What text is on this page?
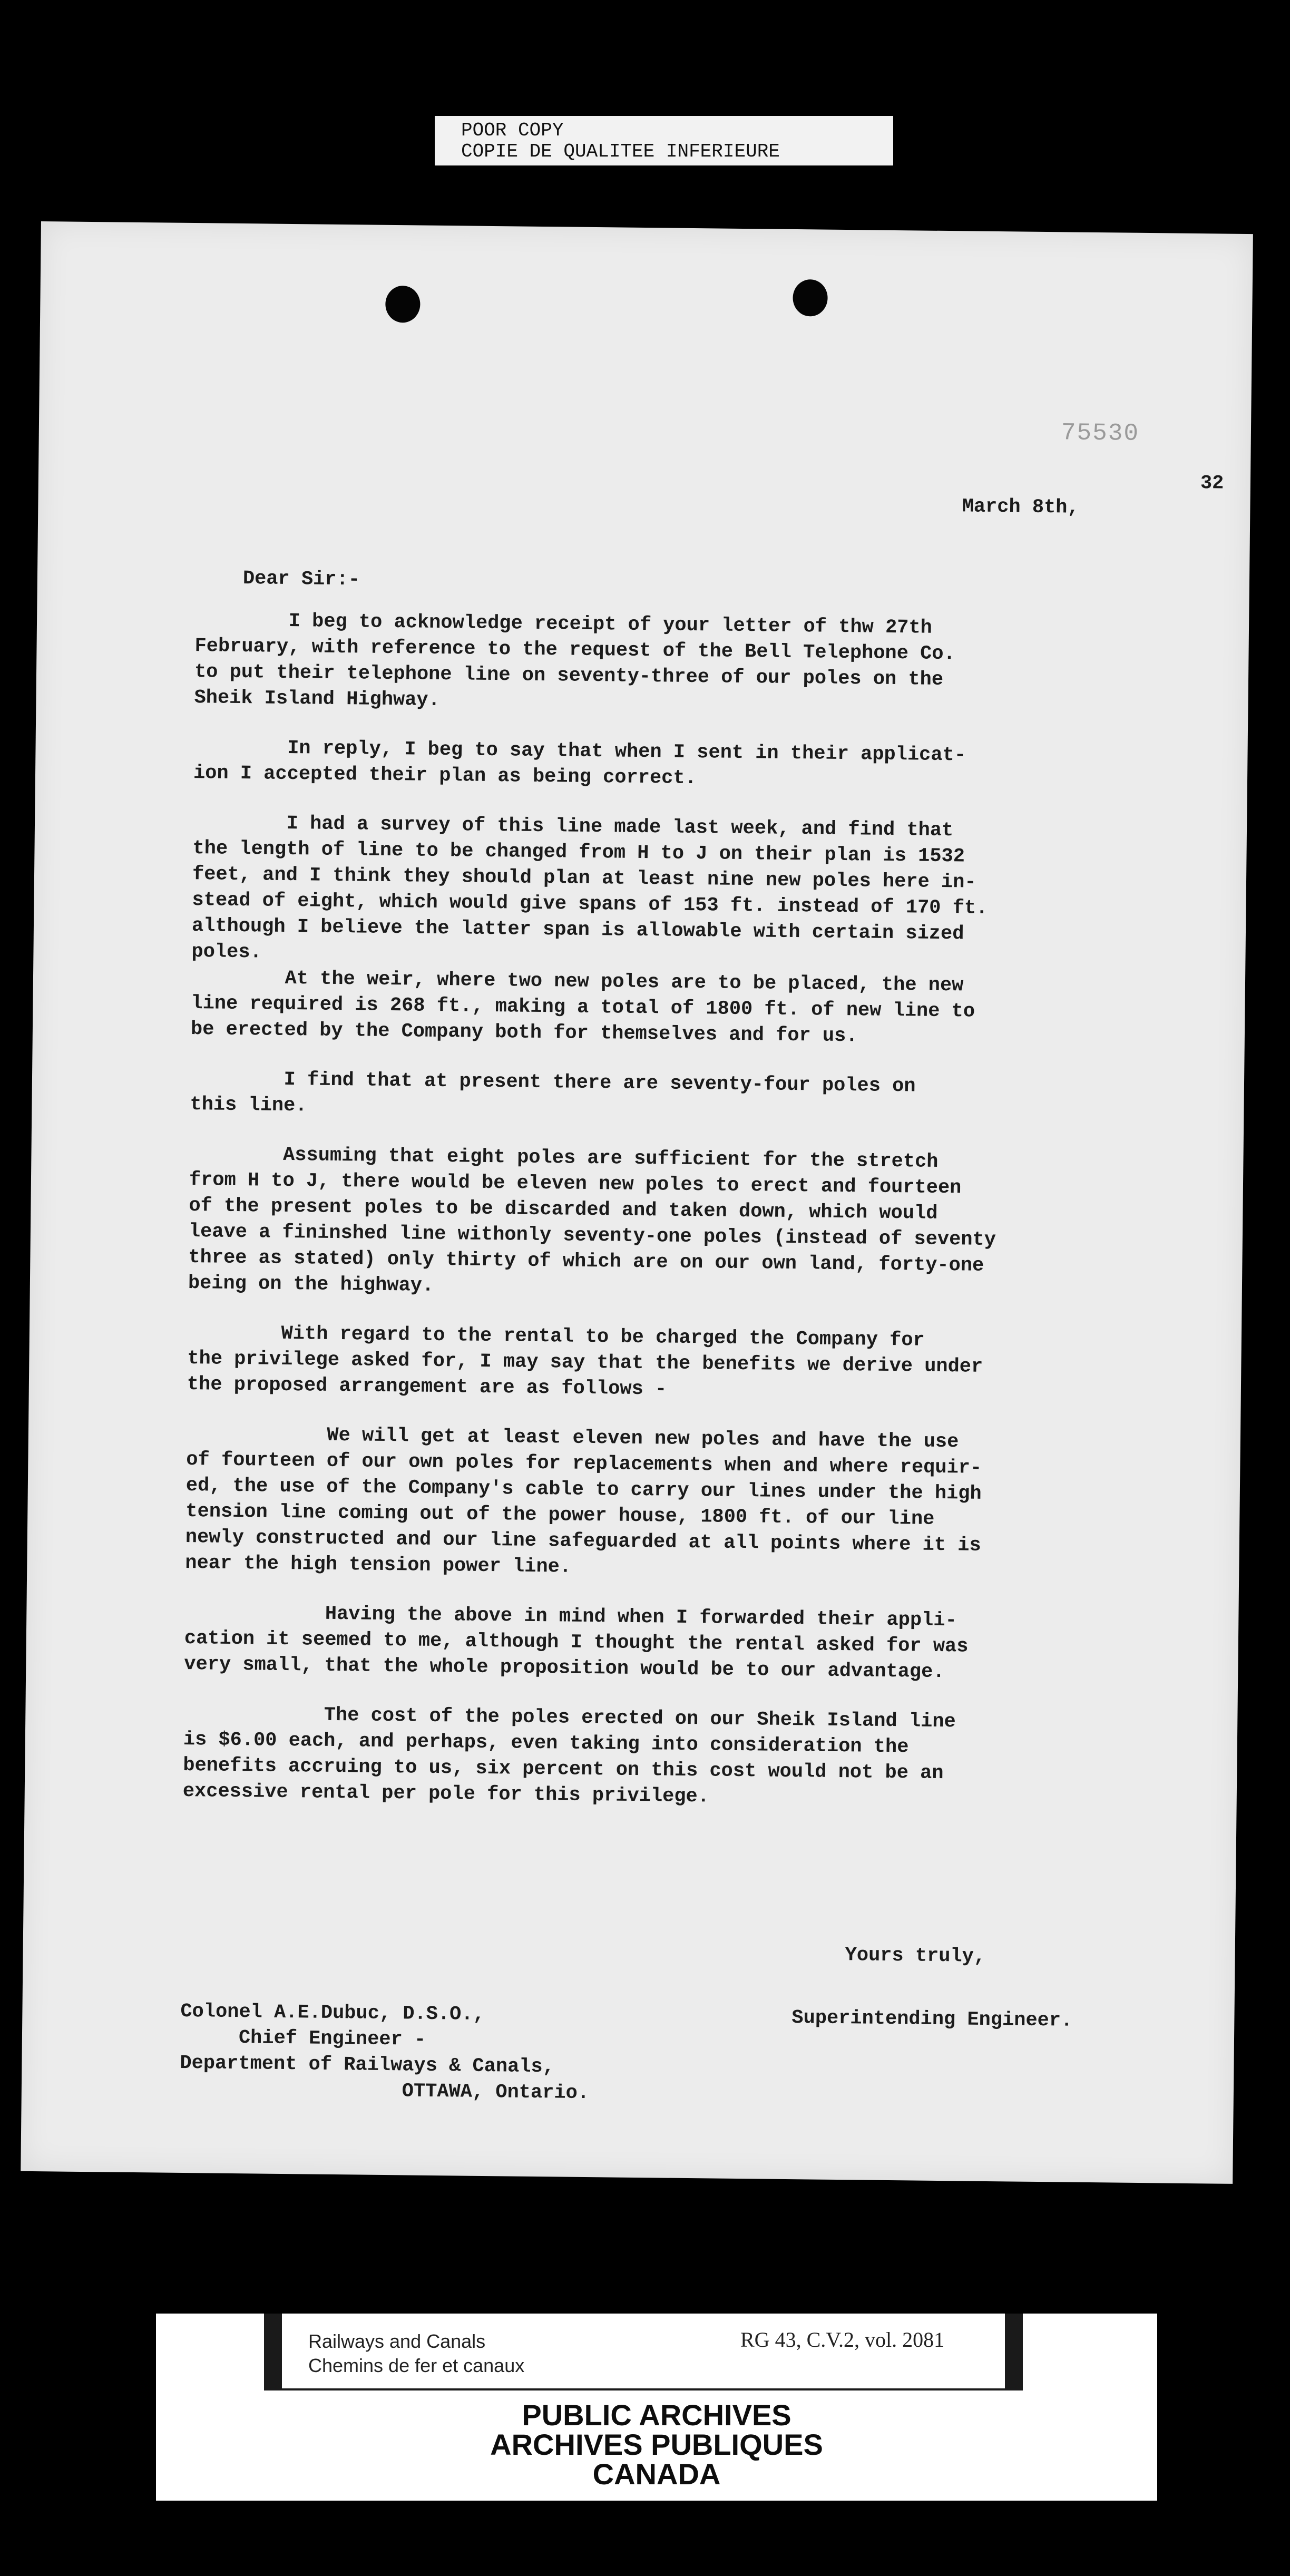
POOR COPY
COPIE DE QUALITEE INFERIEURE
75530

March 8th,

32

Dear Sir:-

I beg to acknowledge receipt of your letter of thw 27th
February, with reference to the request of the Bell Telephone Co.
to put their telephone line on seventy-three of our poles on the
Sheik Island Highway.

In reply, I beg to say that when I sent in their applicat-
ion I accepted their plan as being correct.

I had a survey of this line made last week, and find that
the length of line to be changed from H to J on their plan is 1532
feet, and I think they should plan at least nine new poles here in-
stead of eight, which would give spans of 153 ft. instead of 170 ft.
although I believe the latter span is allowable with certain sized
poles.

At the weir, where two new poles are to be placed, the new
line required is 268 ft., making a total of 1800 ft. of new line to
be erected by the Company both for themselves and for us.

I find that at present there are seventy-four poles on
this line.

Assuming that eight poles are sufficient for the stretch
from H to J, there would be eleven new poles to erect and fourteen
of the present poles to be discarded and taken down, which would
leave a fininshed line withonly seventy-one poles (instead of seventy
three as stated) only thirty of which are on our own land, forty-one
being on the highway.

With regard to the rental to be charged the Company for
the privilege asked for, I may say that the benefits we derive under
the proposed arrangement are as follows -

We will get at least eleven new poles and have the use
of fourteen of our own poles for replacements when and where requir-
ed, the use of the Company's cable to carry our lines under the high
tension line coming out of the power house, 1800 ft. of our line
newly constructed and our line safeguarded at all points where it is
near the high tension power line.

Having the above in mind when I forwarded their appli-
cation it seemed to me, although I thought the rental asked for was
very small, that the whole proposition would be to our advantage.

The cost of the poles erected on our Sheik Island line
is $6.00 each, and perhaps, even taking into consideration the
benefits accruing to us, six percent on this cost would not be an
excessive rental per pole for this privilege.

Yours truly,
Colonel A.E.Dubuc, D.S.O.,
Chief Engineer -
Department of Railways & Canals,
OTTAWA, Ontario.
Superintending Engineer.
Railways and Canals
Chemins de fer et canaux
RG 43, C.V.2, vol. 2081
PUBLIC ARCHIVES
ARCHIVES PUBLIQUES
CANADA
